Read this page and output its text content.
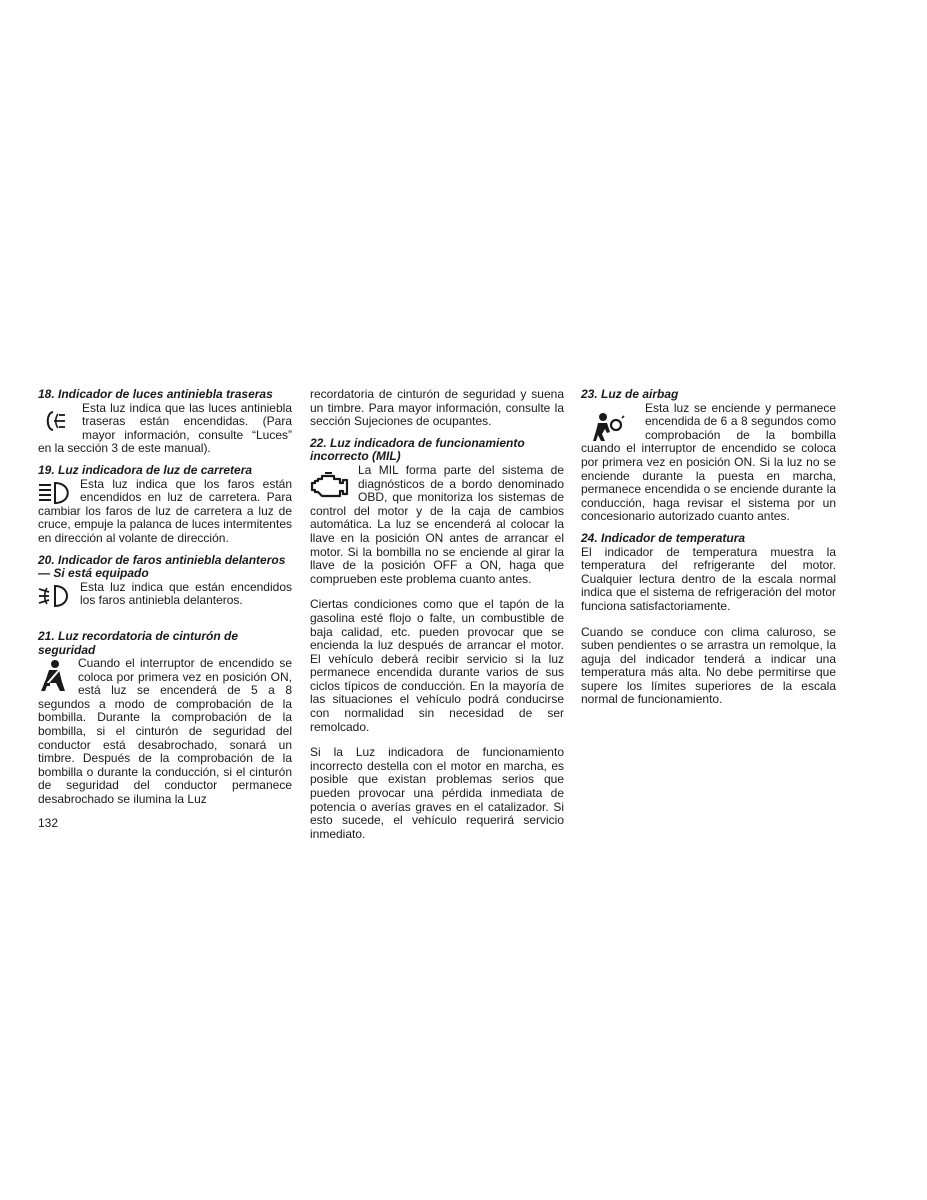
18. Indicador de luces antiniebla traseras

Esta luz indica que las luces antiniebla traseras están encendidas. (Para mayor información, consulte “Luces” en la sección 3 de este manual).

19. Luz indicadora de luz de carretera

Esta luz indica que los faros están encendidos en luz de carretera. Para cambiar los faros de luz de carretera a luz de cruce, empuje la palanca de luces intermitentes en dirección al volante de dirección.

20. Indicador de faros antiniebla delanteros

— Si está equipado

Esta luz indica que están encendidos los faros antiniebla delanteros.

21. Luz recordatoria de cinturón de

seguridad

Cuando el interruptor de encendido se coloca por primera vez en posición ON, está luz se encenderá de 5 a 8 segundos a modo de comprobación de la bombilla. Durante la comprobación de la bombilla, si el cinturón de seguridad del conductor está desabrochado, sonará un timbre. Después de la comprobación de la bombilla o durante la conducción, si el cinturón de seguridad del conductor permanece desabrochado se ilumina la Luz

recordatoria de cinturón de seguridad y suena un timbre. Para mayor información, consulte la sección Sujeciones de ocupantes.

22. Luz indicadora de funcionamiento

incorrecto (MIL)

La MIL forma parte del sistema de diagnósticos de a bordo denominado OBD, que monitoriza los sistemas de control del motor y de la caja de cambios automática. La luz se encenderá al colocar la llave en la posición ON antes de arrancar el motor. Si la bombilla no se enciende al girar la llave de la posición OFF a ON, haga que comprueben este problema cuanto antes.

Ciertas condiciones como que el tapón de la gasolina esté flojo o falte, un combustible de baja calidad, etc. pueden provocar que se encienda la luz después de arrancar el motor. El vehículo deberá recibir servicio si la luz permanece encendida durante varios de sus ciclos típicos de conducción. En la mayoría de las situaciones el vehículo podrá conducirse con normalidad sin necesidad de ser remolcado.

Si la Luz indicadora de funcionamiento incorrecto destella con el motor en marcha, es posible que existan problemas serios que pueden provocar una pérdida inmediata de potencia o averías graves en el catalizador. Si esto sucede, el vehículo requerirá servicio inmediato.

23. Luz de airbag

Esta luz se enciende y permanece encendida de 6 a 8 segundos como comprobación de la bombilla cuando el interruptor de encendido se coloca por primera vez en posición ON. Si la luz no se enciende durante la puesta en marcha, permanece encendida o se enciende durante la conducción, haga revisar el sistema por un concesionario autorizado cuanto antes.

24. Indicador de temperatura

El indicador de temperatura muestra la temperatura del refrigerante del motor. Cualquier lectura dentro de la escala normal indica que el sistema de refrigeración del motor funciona satisfactoriamente.

Cuando se conduce con clima caluroso, se suben pendientes o se arrastra un remolque, la aguja del indicador tenderá a indicar una temperatura más alta. No debe permitirse que supere los límites superiores de la escala normal de funcionamiento.

132
